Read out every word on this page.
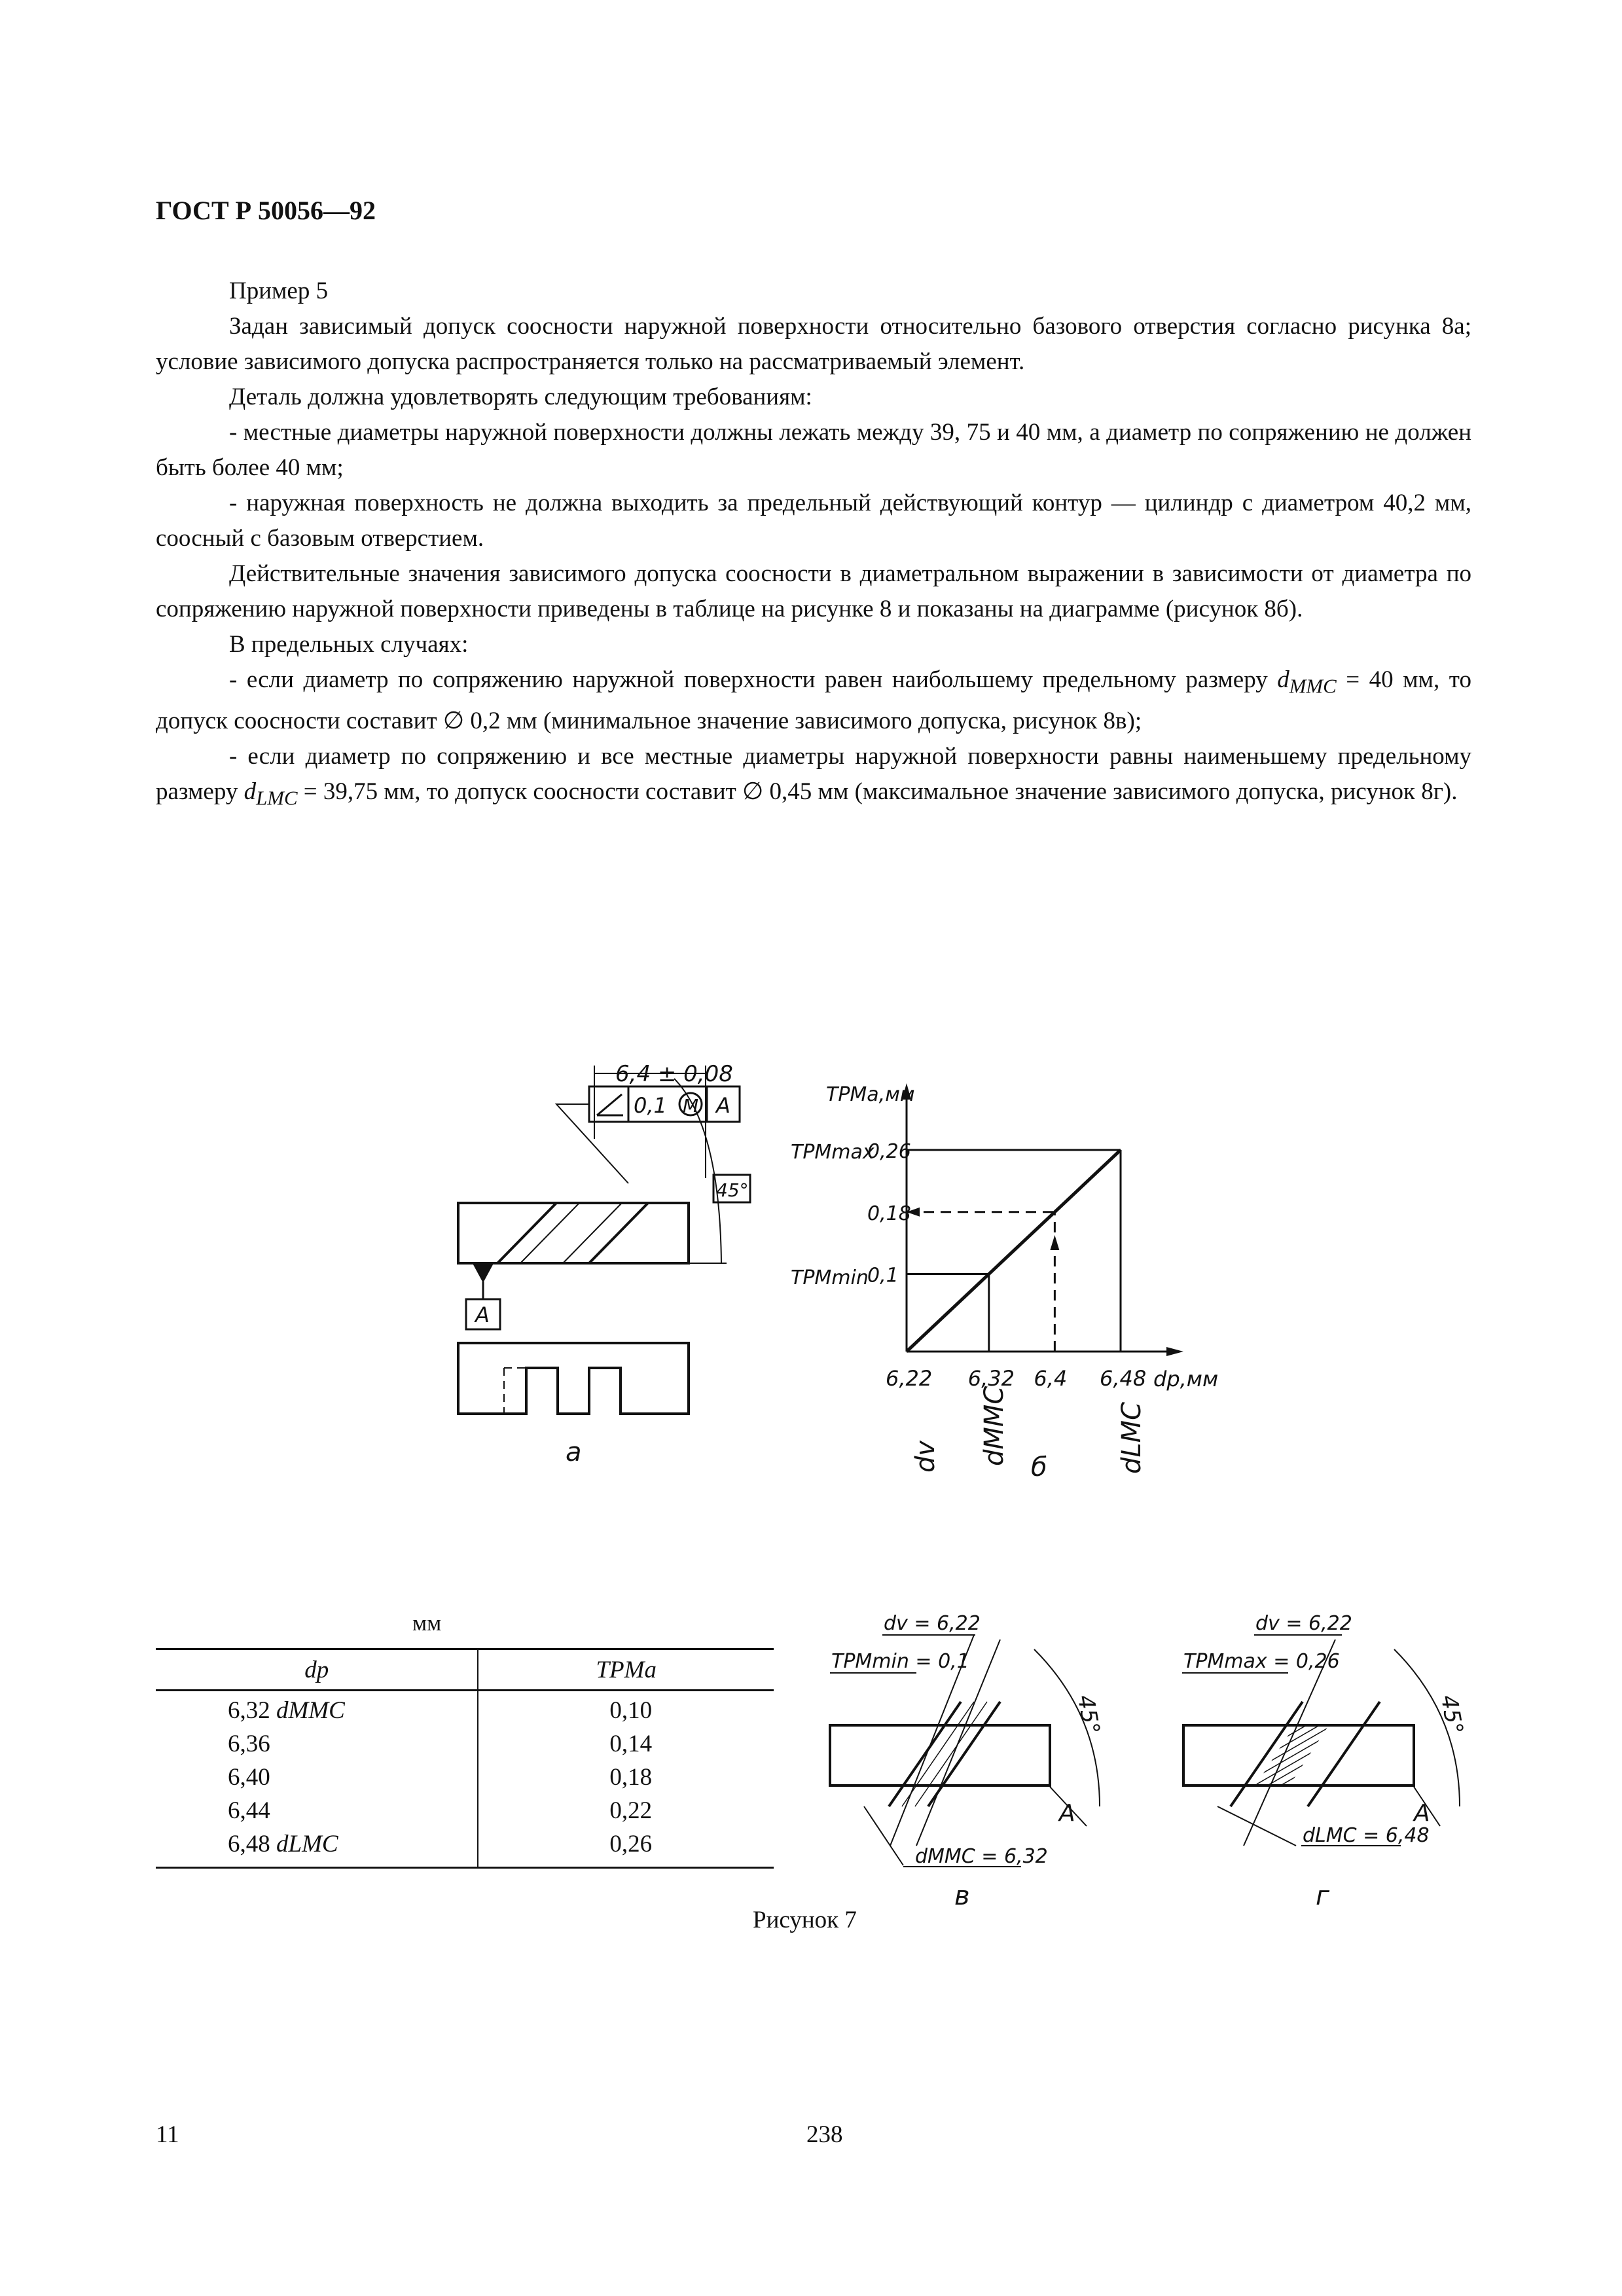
ГОСТ Р 50056—92

Пример 5

Задан зависимый допуск соосности наружной поверхности относительно базового отверстия согласно рисунка 8а; условие зависимого допуска распространяется только на рассматриваемый элемент.

Деталь должна удовлетворять следующим требованиям:

- местные диаметры наружной поверхности должны лежать между 39, 75 и 40 мм, а диаметр по сопряжению не должен быть более 40 мм;

- наружная поверхность не должна выходить за предельный действующий контур — цилиндр с диаметром 40,2 мм, соосный с базовым отверстием.

Действительные значения зависимого допуска соосности в диаметральном выражении в зависимости от диаметра по сопряжению наружной поверхности приведены в таблице на рисунке 8 и показаны на диаграмме (рисунок 8б).

В предельных случаях:

- если диаметр по сопряжению наружной поверхности равен наибольшему предельному размеру $d_{MMC} = 40$ мм, то допуск соосности составит ∅ 0,2 мм (минимальное значение зависимого допуска, рисунок 8в);

- если диаметр по сопряжению и все местные диаметры наружной поверхности равны наименьшему предельному размеру $d_{LMC} = 39,75$ мм, то допуск соосности составит ∅ 0,45 мм (максимальное значение зависимого допуска, рисунок 8г).

6,4 ± 0,08
0,1 M A
45°
A
а
TPMa,мм
TPMmax
TPMmin
dp,мм
0,26
0,18
0,1
6,22 6,32 6,4 6,48
dv dMMC	dLMC
б
dv = 6,22
TPMmin = 0,1
45°
A
dMMC = 6,32
в
dv = 6,22
TPMmax = 0,26
45°
A
dLMC = 6,48
г
мм
dp	TPMa
6,32 dMMC	0,10
6,36	0,14
6,40	0,18
6,44	0,22
6,48 dLMC	0,26
Рисунок 7
11	238
